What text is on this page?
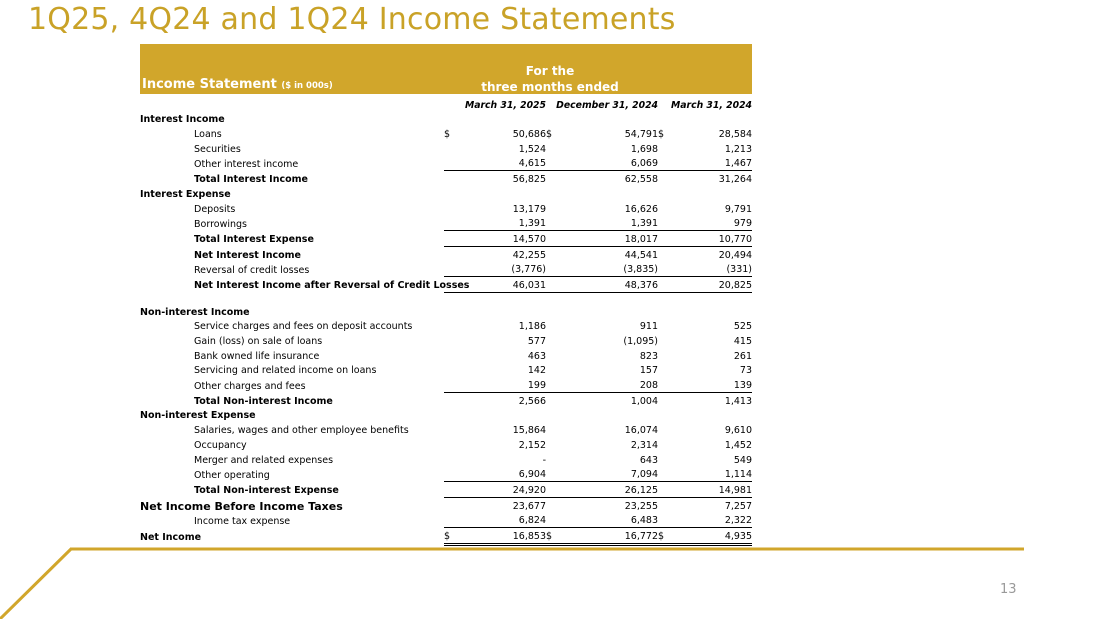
1Q25, 4Q24 and 1Q24 Income Statements
Income Statement ($ in 000s)
For the
three months ended
	March 31, 2025		December 31, 2024		March 31, 2024	
Interest Income						
Loans	$	50,686	$	54,791	$	28,584
Securities		1,524		1,698		1,213
Other interest income		4,615		6,069		1,467
Total Interest Income		56,825		62,558		31,264
Interest Expense						
Deposits		13,179		16,626		9,791
Borrowings		1,391		1,391		979
Total Interest Expense		14,570		18,017		10,770
Net Interest Income		42,255		44,541		20,494
Reversal of credit losses		(3,776)		(3,835)		(331)
Net Interest Income after Reversal of Credit Losses		46,031		48,376		20,825

Non-interest Income						
Service charges and fees on deposit accounts		1,186		911		525
Gain (loss) on sale of loans		577		(1,095)		415
Bank owned life insurance		463		823		261
Servicing and related income on loans		142		157		73
Other charges and fees		199		208		139
Total Non-interest Income		2,566		1,004		1,413
Non-interest Expense						
Salaries, wages and other employee benefits		15,864		16,074		9,610
Occupancy		2,152		2,314		1,452
Merger and related expenses		-		643		549
Other operating		6,904		7,094		1,114
Total Non-interest Expense		24,920		26,125		14,981
Net Income Before Income Taxes		23,677		23,255		7,257
Income tax expense		6,824		6,483		2,322
Net Income	$	16,853	$	16,772	$	4,935
13
